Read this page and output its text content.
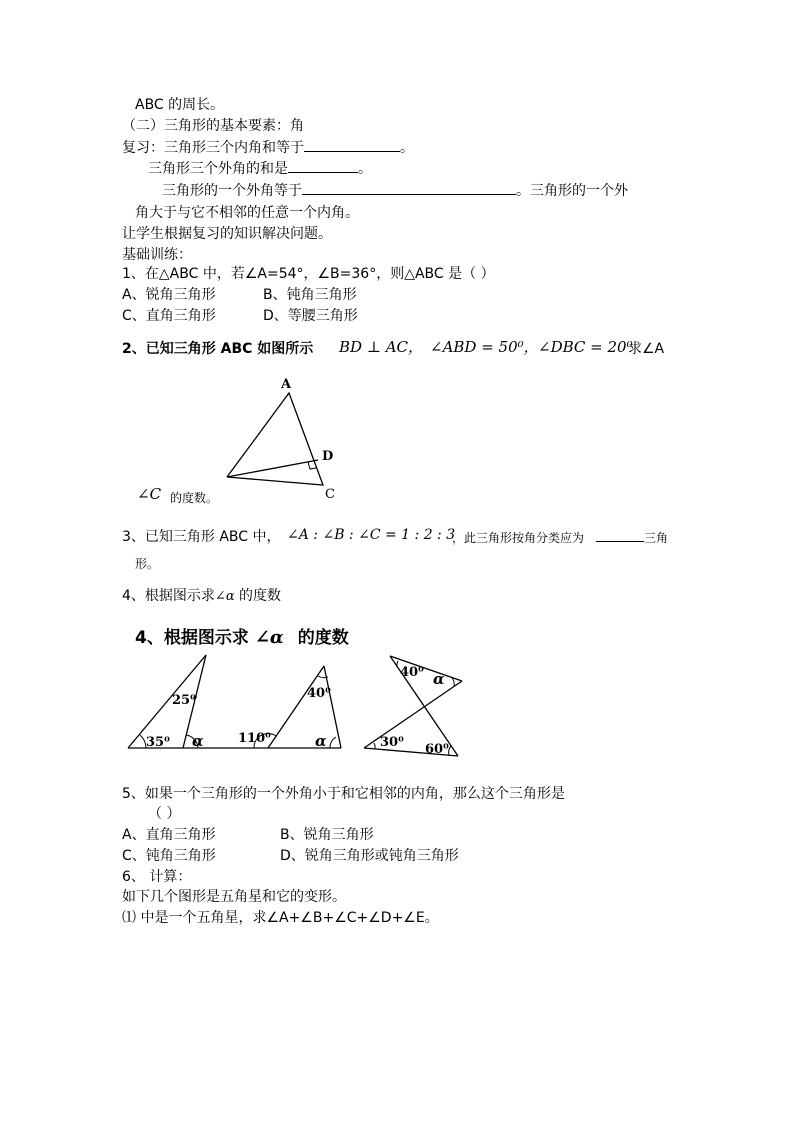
ABC 的周长。
（二）三角形的基本要素：角
复习：三角形三个内角和等于	。
三角形三个外角的和是	。
三角形的一个外角等于	。三角形的一个外
角大于与它不相邻的任意一个内角。
让学生根据复习的知识解决问题。
基础训练：
1、在△ABC 中，若∠A=54°，∠B=36°，则△ABC 是（ ）
A、锐角三角形	B、钝角三角形
C、直角三角形	D、等腰三角形
2、已知三角形 ABC 如图所示 BD ⊥ AC， ∠ABD = 50⁰， ∠DBC = 20⁰
求∠A
A
D
C
∠C 的度数。
3、已知三角形 ABC 中， ∠A : ∠B : ∠C = 1 : 2 : 3
，此三角形按角分类应为	三角
形。
4、根据图示求∠α 的度数
4、根据图示求 ∠α 的度数
25⁰
35⁰ α
40⁰
110⁰	α
40⁰ α
30⁰ 60⁰
5、如果一个三角形的一个外角小于和它相邻的内角，那么这个三角形是
（ ）
A、直角三角形	B、锐角三角形
C、钝角三角形	D、锐角三角形或钝角三角形
6、 计算：
如下几个图形是五角星和它的变形。
⑴ 中是一个五角星，求∠A+∠B+∠C+∠D+∠E。
